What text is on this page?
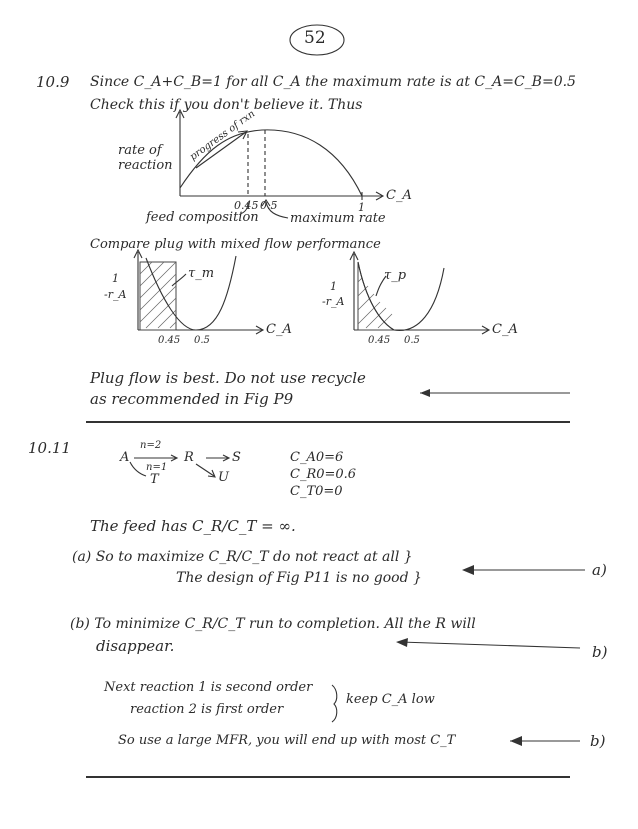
52
10.9 Since C_A+C_B=1 for all C_A the maximum rate is at C_A=C_B=0.5
Check this if you don't believe it. Thus
rate of
reaction
progress of rxn
0.45 0.5	1
C_A
feed composition maximum rate
Compare plug with mixed flow performance
1
-r_A
τ_m
0.45 0.5
C_A
1
-r_A
τ_p
0.45 0.5
C_A
Plug flow is best. Do not use recycle
as recommended in Fig P9
10.11
A
n=2
R	S
n=1
T	U
C_A0=6
C_R0=0.6
C_T0=0
The feed has C_R/C_T = ∞.
(a) So to maximize C_R/C_T do not react at all }
The design of Fig P11 is no good }	a)
(b) To minimize C_R/C_T run to completion. All the R will
disappear.	b)
Next reaction 1 is second order
reaction 2 is first order
keep C_A low
So use a large MFR, you will end up with most C_T	b)
